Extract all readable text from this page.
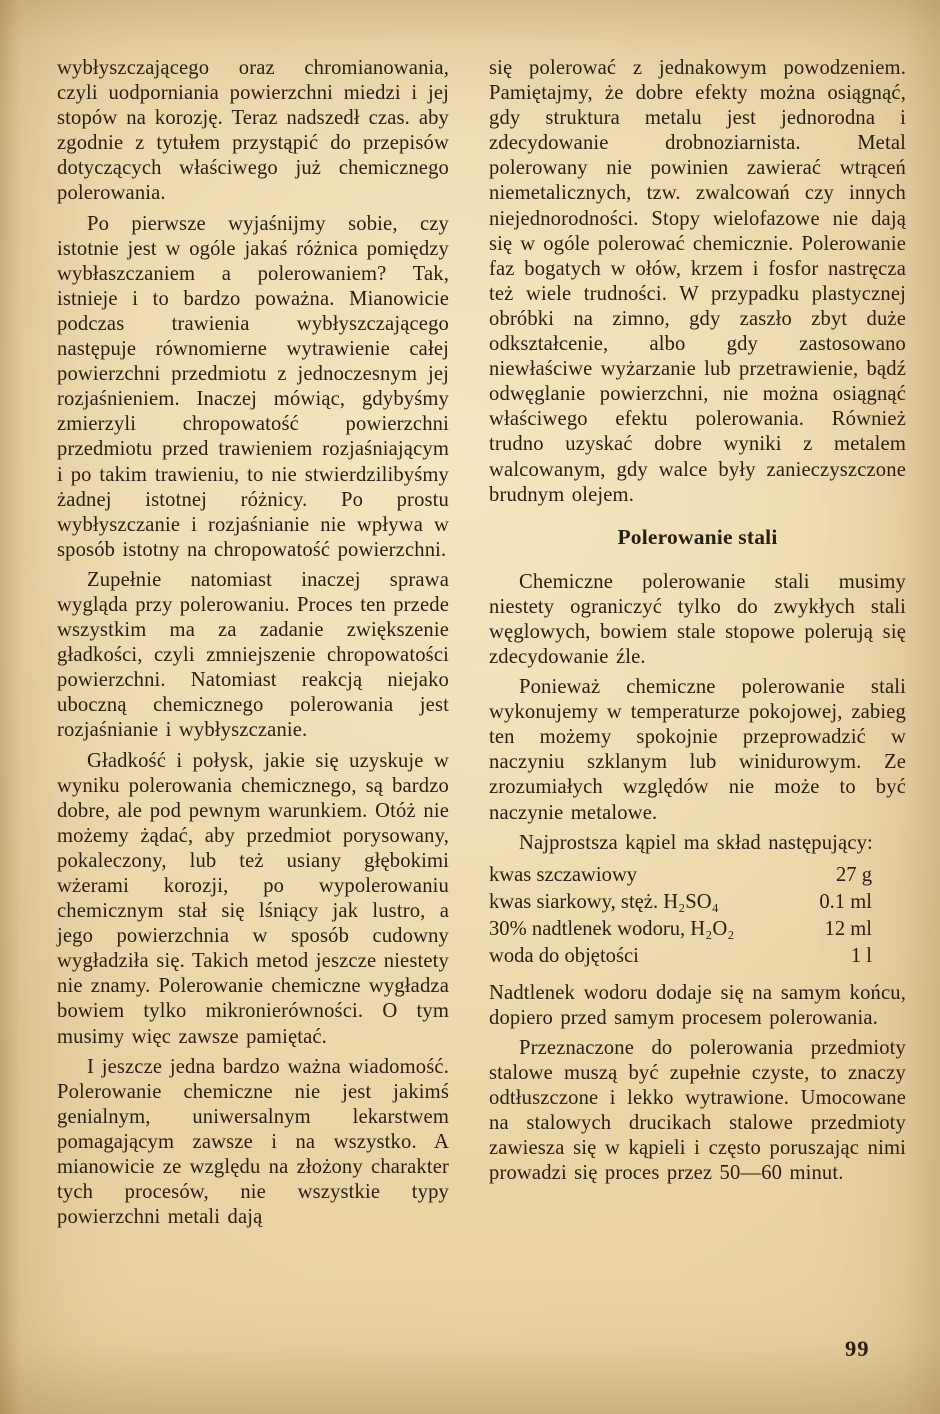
wybłyszczającego oraz chromianowania, czyli uodporniania powierzchni miedzi i jej stopów na korozję. Teraz nadszedł czas. aby zgodnie z tytułem przystąpić do przepisów dotyczących właściwego już chemicznego polerowania.

Po pierwsze wyjaśnijmy sobie, czy istotnie jest w ogóle jakaś różnica pomiędzy wybłaszczaniem a polerowaniem? Tak, istnieje i to bardzo poważna. Mianowicie podczas trawienia wybłyszczającego następuje równomierne wytrawienie całej powierzchni przedmiotu z jednoczesnym jej rozjaśnieniem. Inaczej mówiąc, gdybyśmy zmierzyli chropowatość powierzchni przedmiotu przed trawieniem rozjaśniającym i po takim trawieniu, to nie stwierdzilibyśmy żadnej istotnej różnicy. Po prostu wybłyszczanie i rozjaśnianie nie wpływa w sposób istotny na chropowatość powierzchni.

Zupełnie natomiast inaczej sprawa wygląda przy polerowaniu. Proces ten przede wszystkim ma za zadanie zwiększenie gładkości, czyli zmniejszenie chropowatości powierzchni. Natomiast reakcją niejako uboczną chemicznego polerowania jest rozjaśnianie i wybłyszczanie.

Gładkość i połysk, jakie się uzyskuje w wyniku polerowania chemicznego, są bardzo dobre, ale pod pewnym warunkiem. Otóż nie możemy żądać, aby przedmiot porysowany, pokaleczony, lub też usiany głębokimi wżerami korozji, po wypolerowaniu chemicznym stał się lśniący jak lustro, a jego powierzchnia w sposób cudowny wygładziła się. Takich metod jeszcze niestety nie znamy. Polerowanie chemiczne wygładza bowiem tylko mikronierówności. O tym musimy więc zawsze pamiętać.

I jeszcze jedna bardzo ważna wiadomość. Polerowanie chemiczne nie jest jakimś genialnym, uniwersalnym lekarstwem pomagającym zawsze i na wszystko. A mianowicie ze względu na złożony charakter tych procesów, nie wszystkie typy powierzchni metali dają

się polerować z jednakowym powodzeniem. Pamiętajmy, że dobre efekty można osiągnąć, gdy struktura metalu jest jednorodna i zdecydowanie drobnoziarnista. Metal polerowany nie powinien zawierać wtrąceń niemetalicznych, tzw. zwalcowań czy innych niejednorodności. Stopy wielofazowe nie dają się w ogóle polerować chemicznie. Polerowanie faz bogatych w ołów, krzem i fosfor nastręcza też wiele trudności. W przypadku plastycznej obróbki na zimno, gdy zaszło zbyt duże odkształcenie, albo gdy zastosowano niewłaściwe wyżarzanie lub przetrawienie, bądź odwęglanie powierzchni, nie można osiągnąć właściwego efektu polerowania. Również trudno uzyskać dobre wyniki z metalem walcowanym, gdy walce były zanieczyszczone brudnym olejem.

Polerowanie stali

Chemiczne polerowanie stali musimy niestety ograniczyć tylko do zwykłych stali węglowych, bowiem stale stopowe polerują się zdecydowanie źle.

Ponieważ chemiczne polerowanie stali wykonujemy w temperaturze pokojowej, zabieg ten możemy spokojnie przeprowadzić w naczyniu szklanym lub winidurowym. Ze zrozumiałych względów nie może to być naczynie metalowe.

Najprostsza kąpiel ma skład następujący:

kwas szczawiowy	27 g
kwas siarkowy, stęż. H₂SO₄	0.1 ml
30% nadtlenek wodoru, H₂O₂	12 ml
woda do objętości	1 l

Nadtlenek wodoru dodaje się na samym końcu, dopiero przed samym procesem polerowania.

Przeznaczone do polerowania przedmioty stalowe muszą być zupełnie czyste, to znaczy odtłuszczone i lekko wytrawione. Umocowane na stalowych drucikach stalowe przedmioty zawiesza się w kąpieli i często poruszając nimi prowadzi się proces przez 50—60 minut.

99
